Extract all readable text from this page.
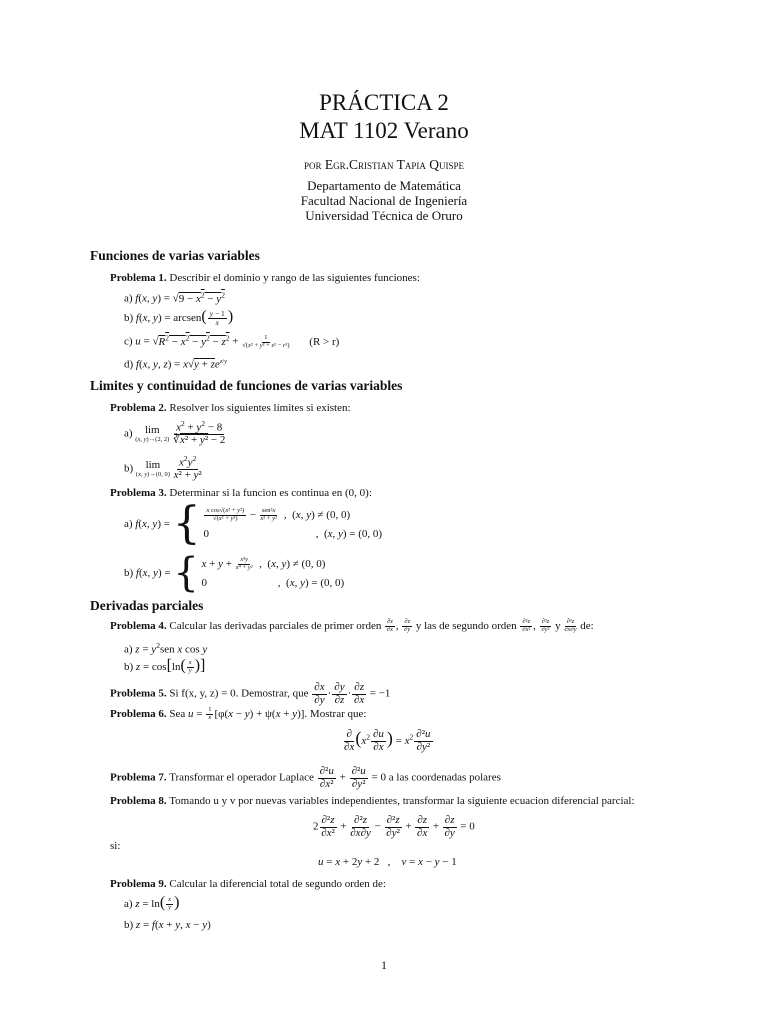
PRÁCTICA 2
MAT 1102 Verano
por Egr.Cristian Tapia Quispe
Departamento de Matemática
Facultad Nacional de Ingeniería
Universidad Técnica de Oruro
Funciones de varias variables
Problema 1. Describir el dominio y rango de las siguientes funciones:
a) f(x, $y) = √9 - x^2 - y^2$
b) f(x, y) = arcsen( $\frac{y - 1}{x}$ )
c) $u = √R^2 - x^2 - y^2 - z^2 + \frac{1}{\text{√(x² + y² + z² − r²)}} (R > r)$
d) f(x, y, $z) = x√y + ze^{z/y}$
Limites y continuidad de funciones de varias variables
Problema 2. Resolver los siguientes límites si existen:
a) lim
(x, y)→(2, 2)
$\frac{x^2 + y^2 - 8}{\text{∛x² + y² − 2}}$
b) lim
(x, y)→(0, 0)
$\frac{x^2y^2}{\text{x² + y²}}$
Problema 3. Determinar si la funcion es continua en (0, 0):
a) f(x, y) = { $\frac{\text{x cos√(x² + y²)}}{\text{√(x² + y²)}} - \frac{\text{sen²x}}{\text{x² + y²}}$ ,  (x, y) ≠ (0, 0)
0	,  (x, y) = (0, 0)
b) f(x, y) = { $x + y + \frac{\text{x³y}}{\text{x⁴ + y²}}$ ,  (x, y) ≠ (0, 0)
0	,  (x, y) = (0, 0)
Derivadas parciales
Problema 4. Calcular las derivadas parciales de primer orden $\frac{\partial z}{\partial x}$ , $\frac{\partial z}{\partial y}$ y las de segundo orden $\frac{\text{∂²z}}{\text{∂x²}}$ , $\frac{\text{∂²z}}{\text{∂y²}}$ y $\frac{\text{∂²z}}{\partial x\partial y}$ de:
a) $z = y^2sen$ x cos y
b) $z = \cos[\ln( \frac{x}{y}$ )]
Problema 5. Si f(x, y, z) = 0. Demostrar, que $\frac{\partial x}{\partial y} \cdot \frac{\partial y}{\partial z} \cdot \frac{\partial z}{\partial x} = -1$
Problema 6. Sea $u = \frac{1}{x} [\varphi(x - y) + \psi(x + y)]$. Mostrar que:
$\frac{\partial}{\partial x} (x^2 \frac{\partial u}{\partial x}$ ) = $x^2 \frac{\text{∂²u}}{\text{∂y²}}$
Problema 7. Transformar el operador Laplace $\frac{\text{∂²u}}{\text{∂x²}} + \frac{\text{∂²u}}{\text{∂y²}} = 0$ a las coordenadas polares
Problema 8. Tomando u y v por nuevas variables independientes, transformar la siguiente ecuacion diferencial parcial:
$2 \frac{\text{∂²z}}{\text{∂x²}} + \frac{\text{∂²z}}{\partial x\partial y} - \frac{\text{∂²z}}{\text{∂y²}} + \frac{\partial z}{\partial x} + \frac{\partial z}{\partial y} = 0$
si:
u = x + 2y + 2   ,    v = x − y − 1
Problema 9. Calcular la diferencial total de segundo orden de:
a) $z = \ln( \frac{x}{y}$ )
b) z = f(x + y, x − y)
1
